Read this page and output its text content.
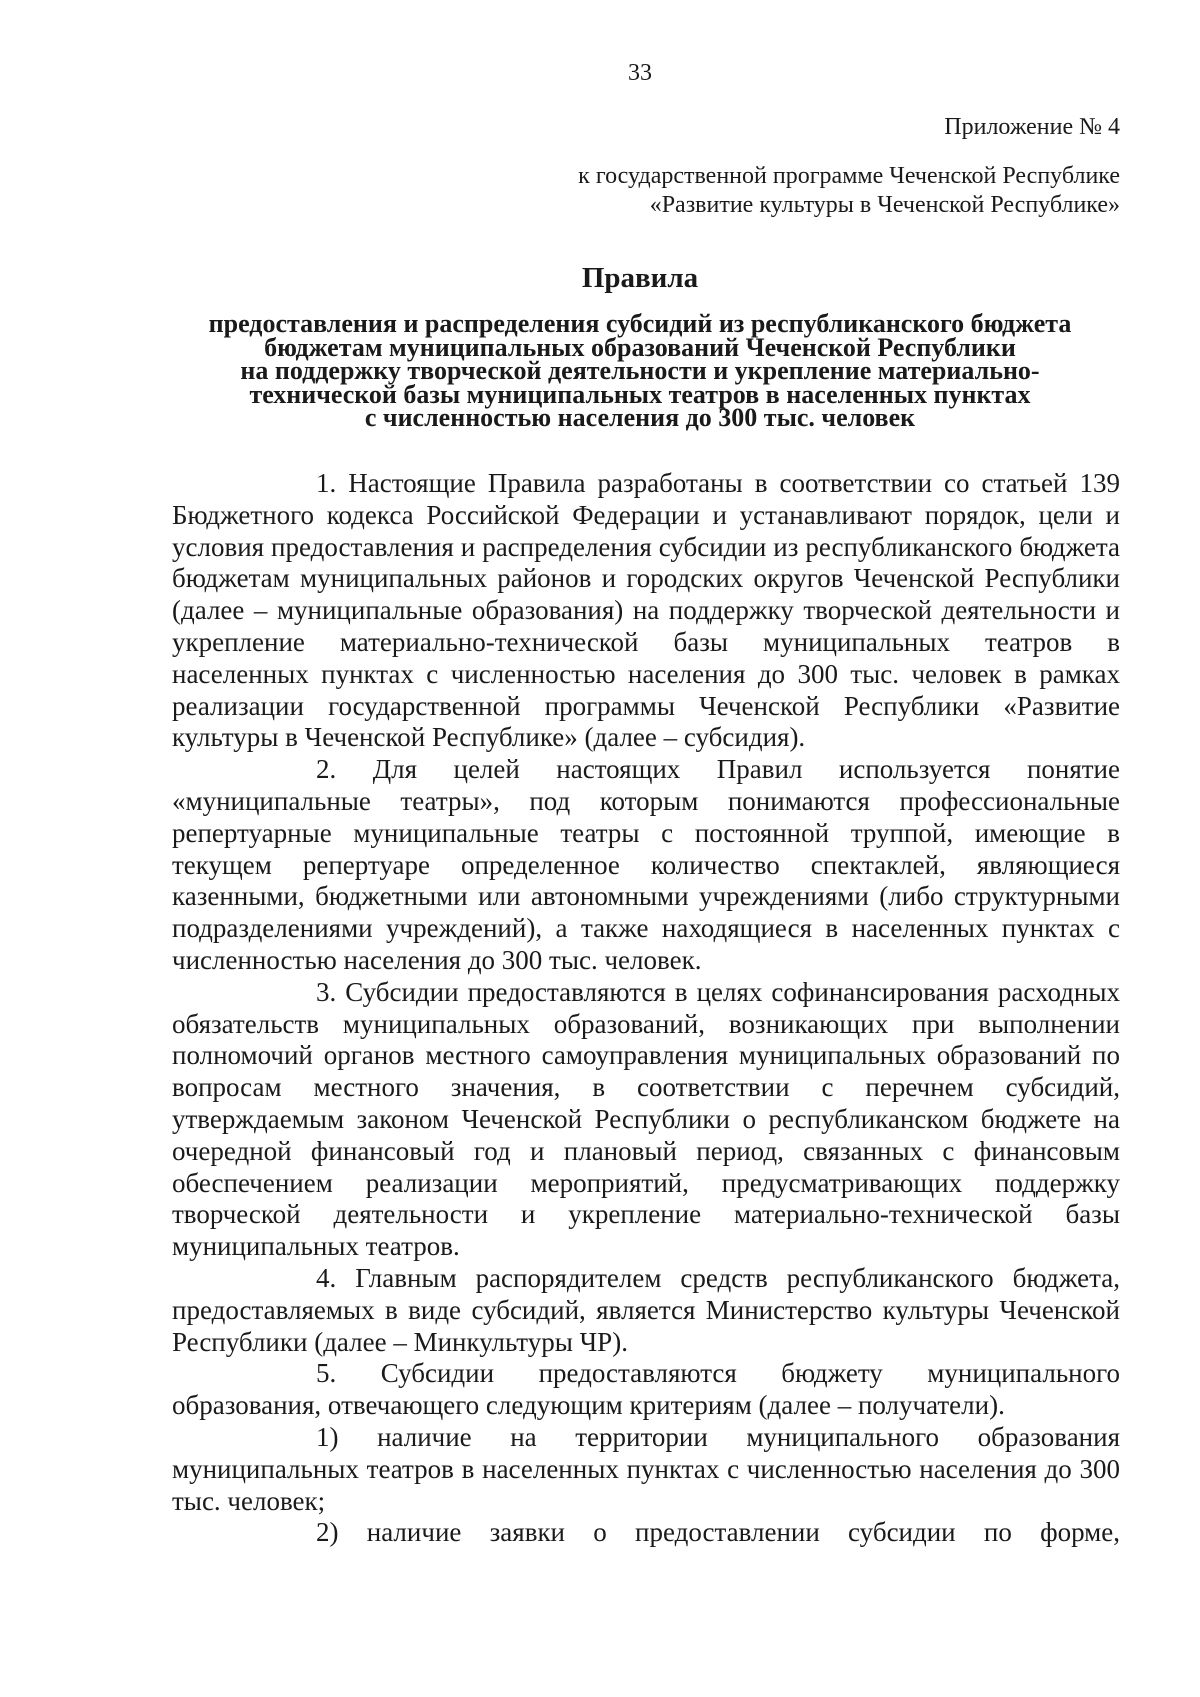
33
Приложение № 4
к государственной программе Чеченской Республике
«Развитие культуры в Чеченской Республике»
Правила
предоставления и распределения субсидий из республиканского бюджета
бюджетам муниципальных образований Чеченской Республики
на поддержку творческой деятельности и укрепление материально-
технической базы муниципальных театров в населенных пунктах
с численностью населения до 300 тыс. человек

1. Настоящие Правила разработаны в соответствии со статьей 139 Бюджетного кодекса Российской Федерации и устанавливают порядок, цели и условия предоставления и распределения субсидии из республиканского бюджета бюджетам муниципальных районов и городских округов Чеченской Республики (далее – муниципальные образования) на поддержку творческой деятельности и укрепление материально-технической базы муниципальных театров в населенных пунктах с численностью населения до 300 тыс. человек в рамках реализации государственной программы Чеченской Республики «Развитие культуры в Чеченской Республике» (далее – субсидия).

2. Для целей настоящих Правил используется понятие «муниципальные театры», под которым понимаются профессиональные репертуарные муниципальные театры с постоянной труппой, имеющие в текущем репертуаре определенное количество спектаклей, являющиеся казенными, бюджетными или автономными учреждениями (либо структурными подразделениями учреждений), а также находящиеся в населенных пунктах с численностью населения до 300 тыс. человек.

3. Субсидии предоставляются в целях софинансирования расходных обязательств муниципальных образований, возникающих при выполнении полномочий органов местного самоуправления муниципальных образований по вопросам местного значения, в соответствии с перечнем субсидий, утверждаемым законом Чеченской Республики о республиканском бюджете на очередной финансовый год и плановый период, связанных с финансовым обеспечением реализации мероприятий, предусматривающих поддержку творческой деятельности и укрепление материально-технической базы муниципальных театров.

4. Главным распорядителем средств республиканского бюджета, предоставляемых в виде субсидий, является Министерство культуры Чеченской Республики (далее – Минкультуры ЧР).

5. Субсидии предоставляются бюджету муниципального образования, отвечающего следующим критериям (далее – получатели).

1) наличие на территории муниципального образования муниципальных театров в населенных пунктах с численностью населения до 300 тыс. человек;

2) наличие заявки о предоставлении субсидии по форме,
